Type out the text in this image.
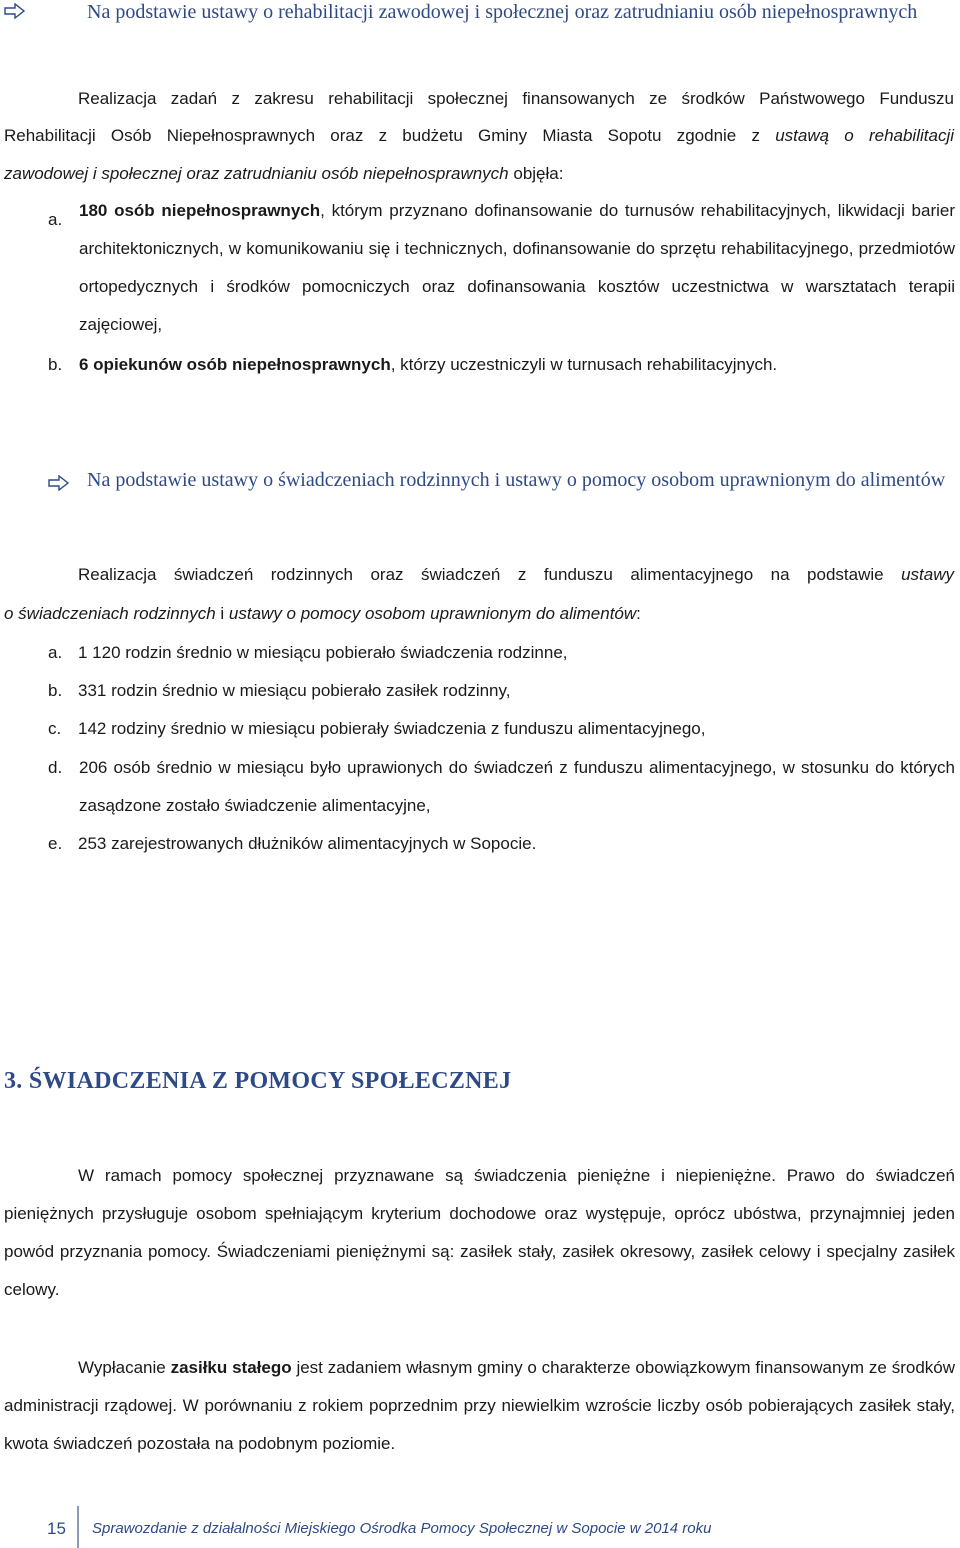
Na podstawie ustawy o rehabilitacji zawodowej i społecznej oraz zatrudnianiu osób niepełnosprawnych
Realizacja zadań z zakresu rehabilitacji społecznej finansowanych ze środków Państwowego Funduszu
Rehabilitacji Osób Niepełnosprawnych oraz z budżetu Gminy Miasta Sopotu zgodnie z ustawą o rehabilitacji
zawodowej i społecznej oraz zatrudnianiu osób niepełnosprawnych objęła:
a. 180 osób niepełnosprawnych, którym przyznano dofinansowanie do turnusów rehabilitacyjnych, likwidacji barier architektonicznych, w komunikowaniu się i technicznych, dofinansowanie do sprzętu rehabilitacyjnego, przedmiotów ortopedycznych i środków pomocniczych oraz dofinansowania kosztów uczestnictwa w warsztatach terapii zajęciowej,
b. 6 opiekunów osób niepełnosprawnych, którzy uczestniczyli w turnusach rehabilitacyjnych.
Na podstawie ustawy o świadczeniach rodzinnych i ustawy o pomocy osobom uprawnionym do alimentów
Realizacja świadczeń rodzinnych oraz świadczeń z funduszu alimentacyjnego na podstawie ustawy
o świadczeniach rodzinnych i ustawy o pomocy osobom uprawnionym do alimentów:
a. 1 120 rodzin średnio w miesiącu pobierało świadczenia rodzinne,
b. 331 rodzin średnio w miesiącu pobierało zasiłek rodzinny,
c. 142 rodziny średnio w miesiącu pobierały świadczenia z funduszu alimentacyjnego,
d. 206 osób średnio w miesiącu było uprawionych do świadczeń z funduszu alimentacyjnego, w stosunku do których zasądzone zostało świadczenie alimentacyjne,
e. 253 zarejestrowanych dłużników alimentacyjnych w Sopocie.
3. ŚWIADCZENIA Z POMOCY SPOŁECZNEJ
W ramach pomocy społecznej przyznawane są świadczenia pieniężne i niepieniężne. Prawo do świadczeń pieniężnych przysługuje osobom spełniającym kryterium dochodowe oraz występuje, oprócz ubóstwa, przynajmniej jeden powód przyznania pomocy. Świadczeniami pieniężnymi są: zasiłek stały, zasiłek okresowy, zasiłek celowy i specjalny zasiłek celowy.
Wypłacanie zasiłku stałego jest zadaniem własnym gminy o charakterze obowiązkowym finansowanym ze środków administracji rządowej. W porównaniu z rokiem poprzednim przy niewielkim wzroście liczby osób pobierających zasiłek stały, kwota świadczeń pozostała na podobnym poziomie.
15 Sprawozdanie z działalności Miejskiego Ośrodka Pomocy Społecznej w Sopocie w 2014 roku
